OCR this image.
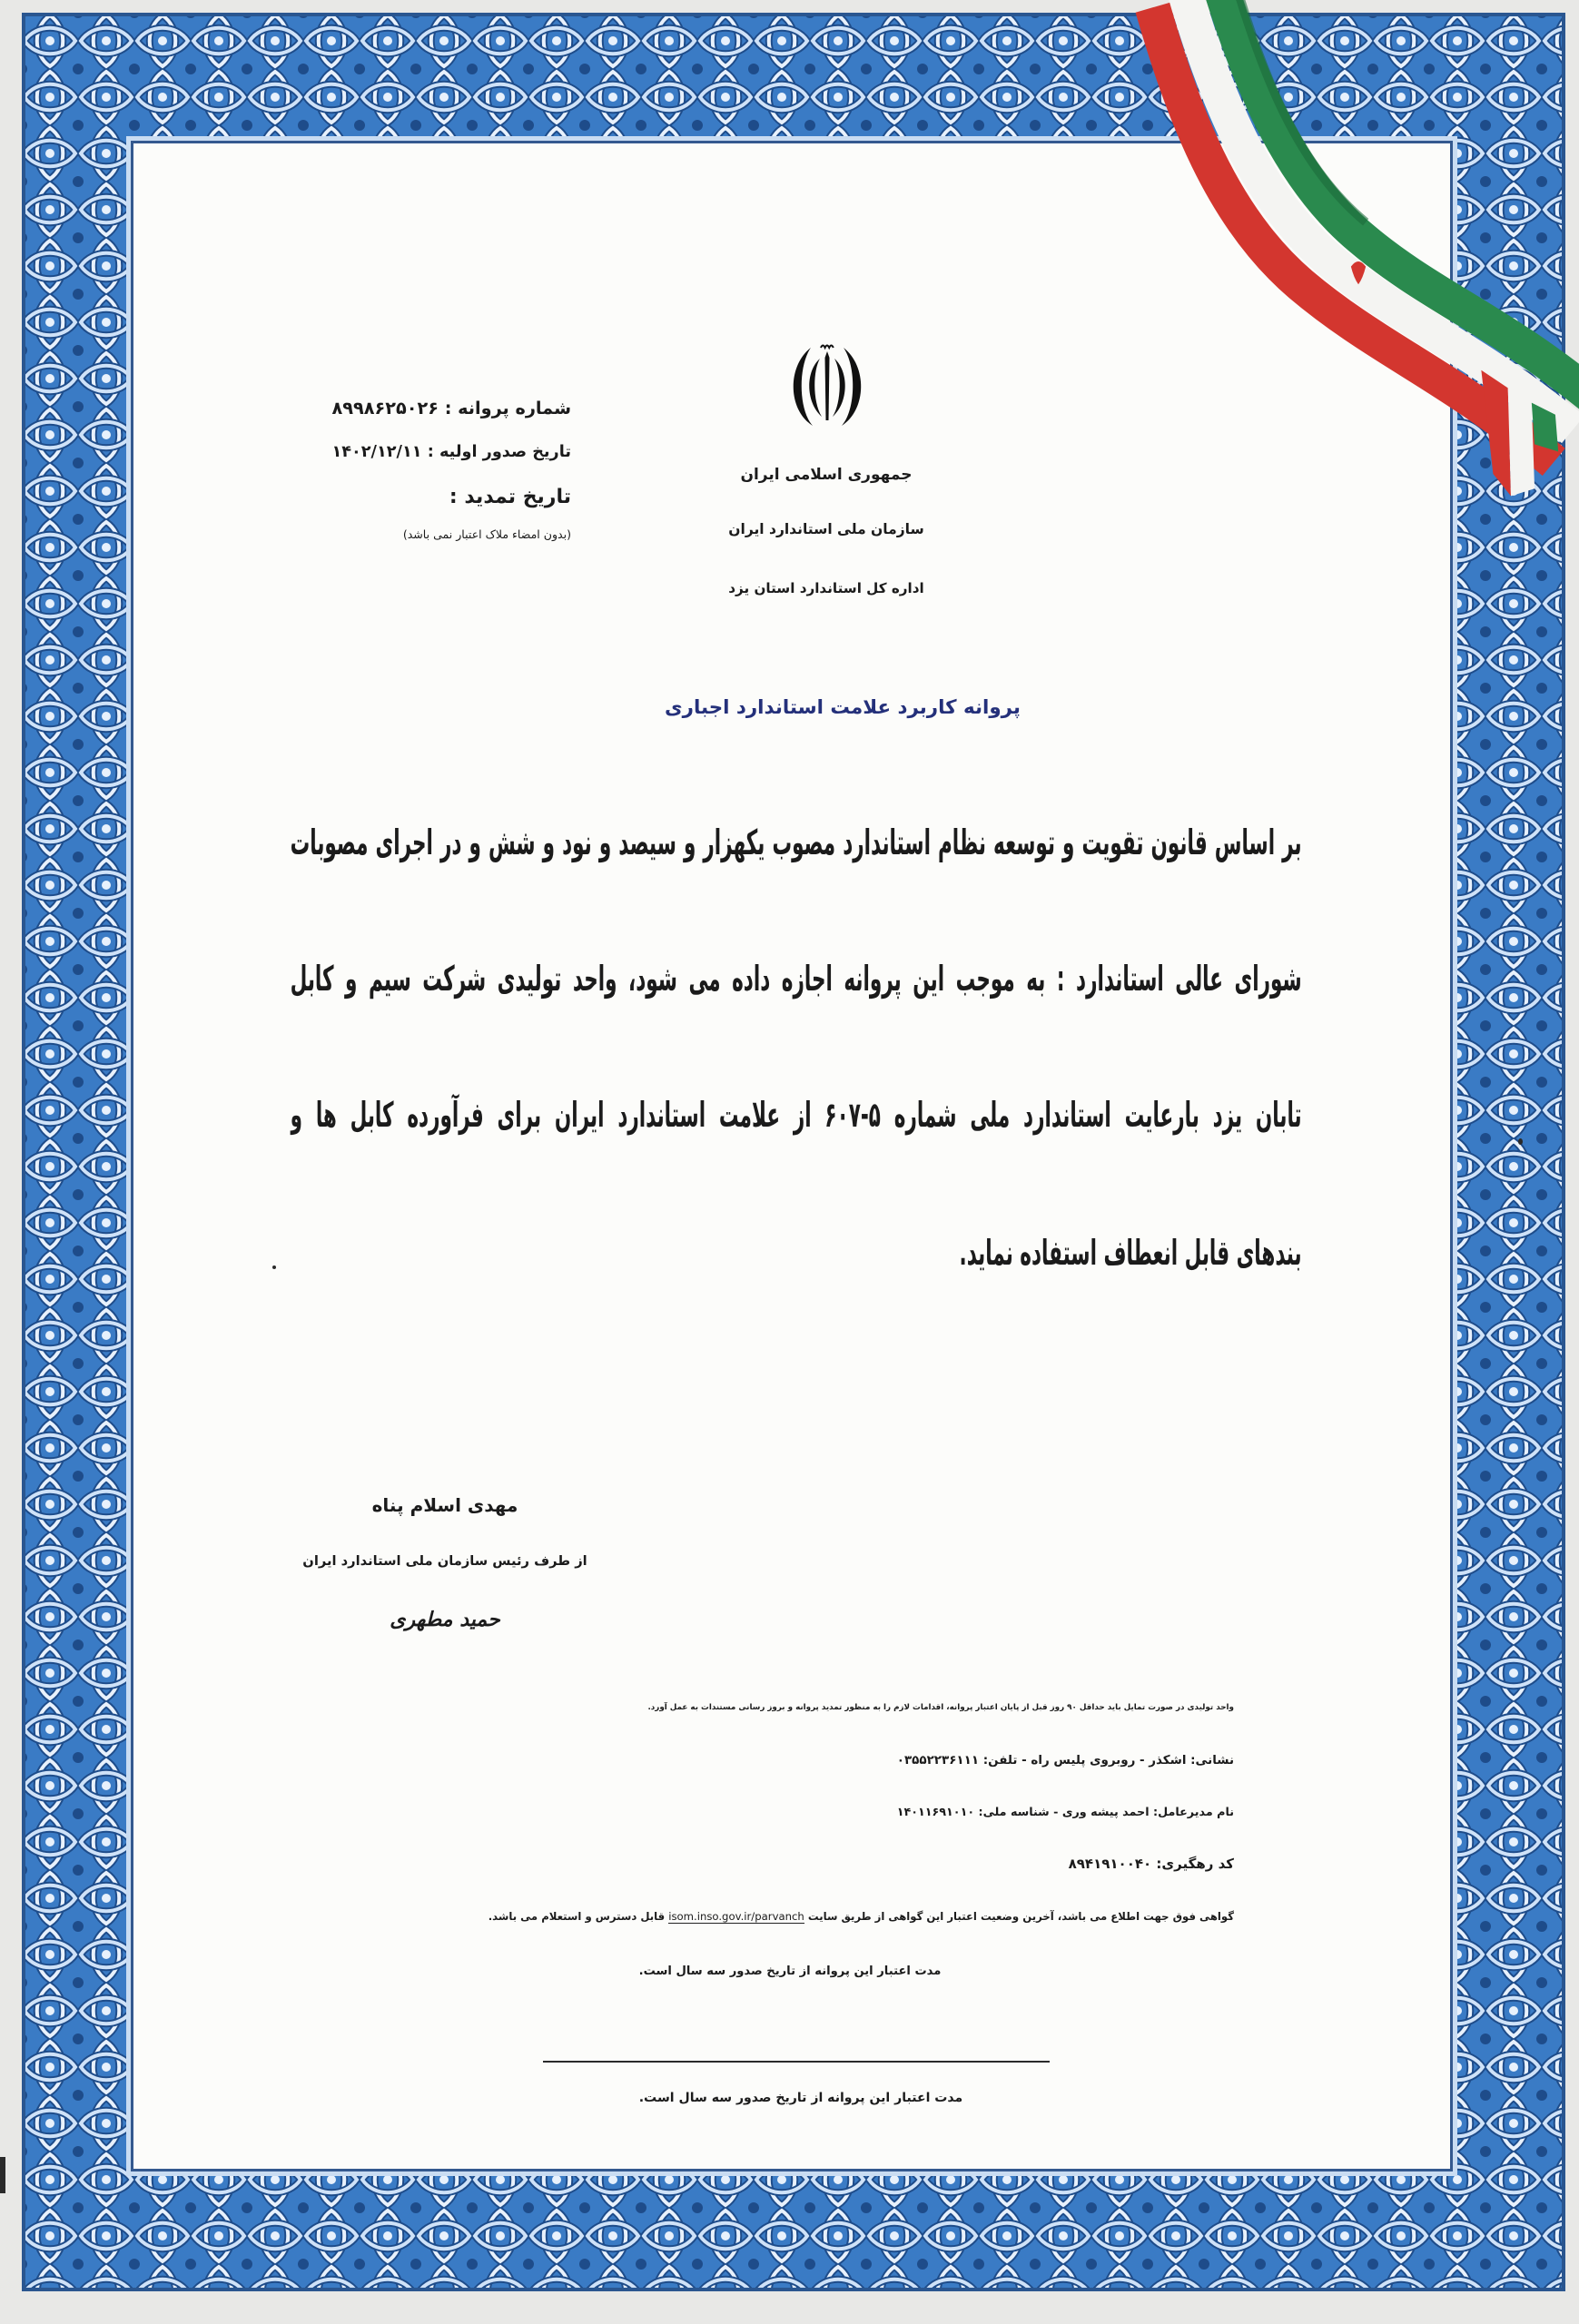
جمهوری اسلامی ایران
سازمان ملی استاندارد ایران
اداره کل استاندارد استان یزد
شماره پروانه : ۸۹۹۸۶۲۵۰۲۶
تاریخ صدور اولیه : ۱۴۰۲/۱۲/۱۱
تاریخ تمدید :
(بدون امضاء ملاک اعتبار نمی باشد)
پروانه کاربرد علامت استاندارد اجباری
بر اساس قانون تقویت و توسعه نظام استاندارد مصوب یکهزار و سیصد و نود و شش و در اجرای مصوبات
شورای عالی استاندارد : به موجب این پروانه اجازه داده می شود، واحد تولیدی شرکت سیم و کابل
تابان یزد بارعایت استاندارد ملی شماره ۵-۶۰۷ از علامت استاندارد ایران برای فرآورده کابل ها و
بندهای قابل انعطاف استفاده نماید.
مهدی اسلام پناه
از طرف رئیس سازمان ملی استاندارد ایران
حمید مطهری
واحد تولیدی در صورت تمایل باید حداقل ۹۰ روز قبل از پایان اعتبار پروانه، اقدامات لازم را به منظور تمدید پروانه و بروز رسانی مستندات به عمل آورد.
نشانی: اشکذر - روبروی پلیس راه - تلفن: ۰۳۵۵۲۲۳۶۱۱۱
نام مدیرعامل: احمد پیشه وری - شناسه ملی: ۱۴۰۱۱۶۹۱۰۱۰
کد رهگیری: ۸۹۴۱۹۱۰۰۴۰
گواهی فوق جهت اطلاع می باشد، آخرین وضعیت اعتبار این گواهی از طریق سایت isom.inso.gov.ir/parvanch قابل دسترس و استعلام می باشد.
مدت اعتبار این پروانه از تاریخ صدور سه سال است.
مدت اعتبار این پروانه از تاریخ صدور سه سال است.
